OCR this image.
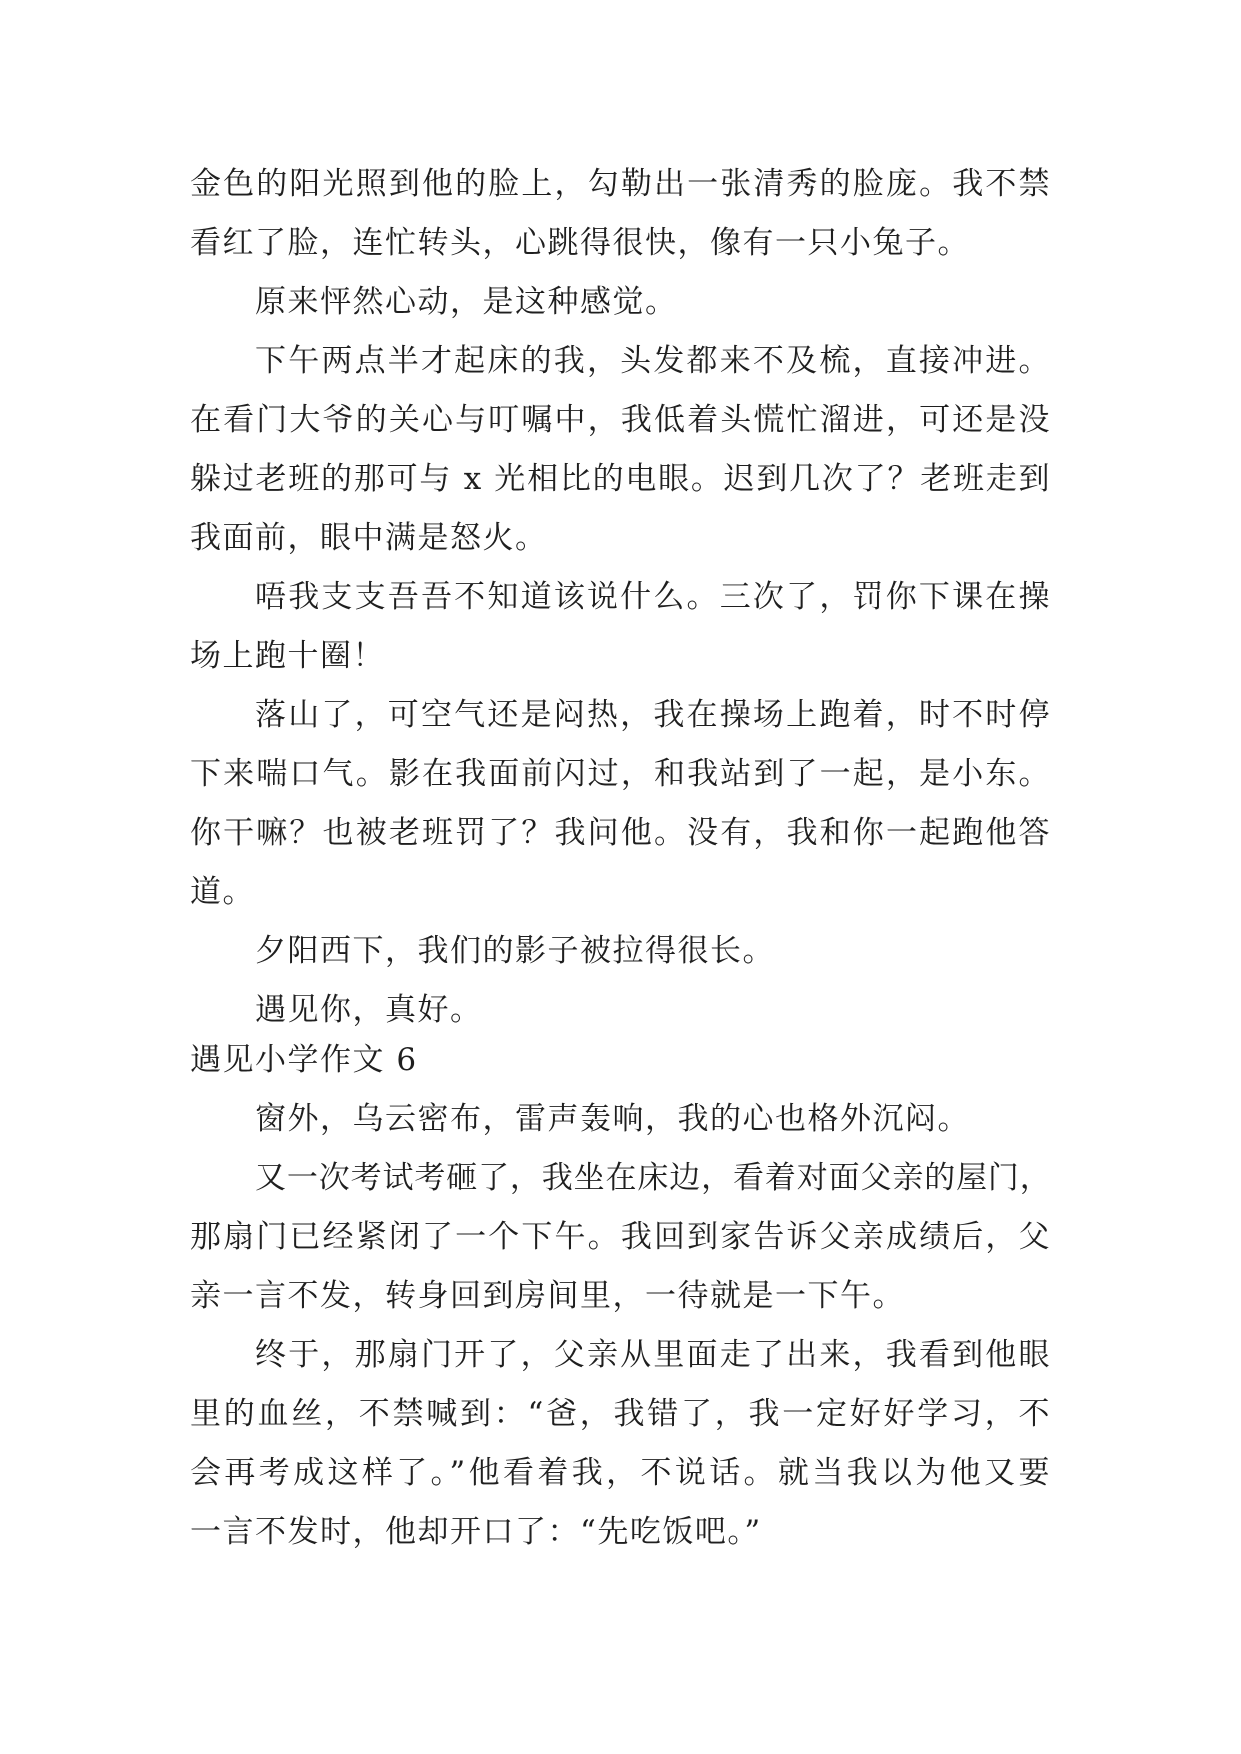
金色的阳光照到他的脸上，勾勒出一张清秀的脸庞。我不禁
看红了脸，连忙转头，心跳得很快，像有一只小兔子。
原来怦然心动，是这种感觉。
下午两点半才起床的我，头发都来不及梳，直接冲进。
在看门大爷的关心与叮嘱中，我低着头慌忙溜进，可还是没
躲过老班的那可与 x 光相比的电眼。迟到几次了？老班走到
我面前，眼中满是怒火。
唔我支支吾吾不知道该说什么。三次了，罚你下课在操
场上跑十圈！
落山了，可空气还是闷热，我在操场上跑着，时不时停
下来喘口气。影在我面前闪过，和我站到了一起，是小东。
你干嘛？也被老班罚了？我问他。没有，我和你一起跑他答
道。
夕阳西下，我们的影子被拉得很长。
遇见你，真好。
遇见小学作文 6
窗外，乌云密布，雷声轰响，我的心也格外沉闷。
又一次考试考砸了，我坐在床边，看着对面父亲的屋门，
那扇门已经紧闭了一个下午。我回到家告诉父亲成绩后，父
亲一言不发，转身回到房间里，一待就是一下午。
终于，那扇门开了，父亲从里面走了出来，我看到他眼
里的血丝，不禁喊到：“爸，我错了，我一定好好学习，不
会再考成这样了。”他看着我，不说话。就当我以为他又要
一言不发时，他却开口了：“先吃饭吧。”
